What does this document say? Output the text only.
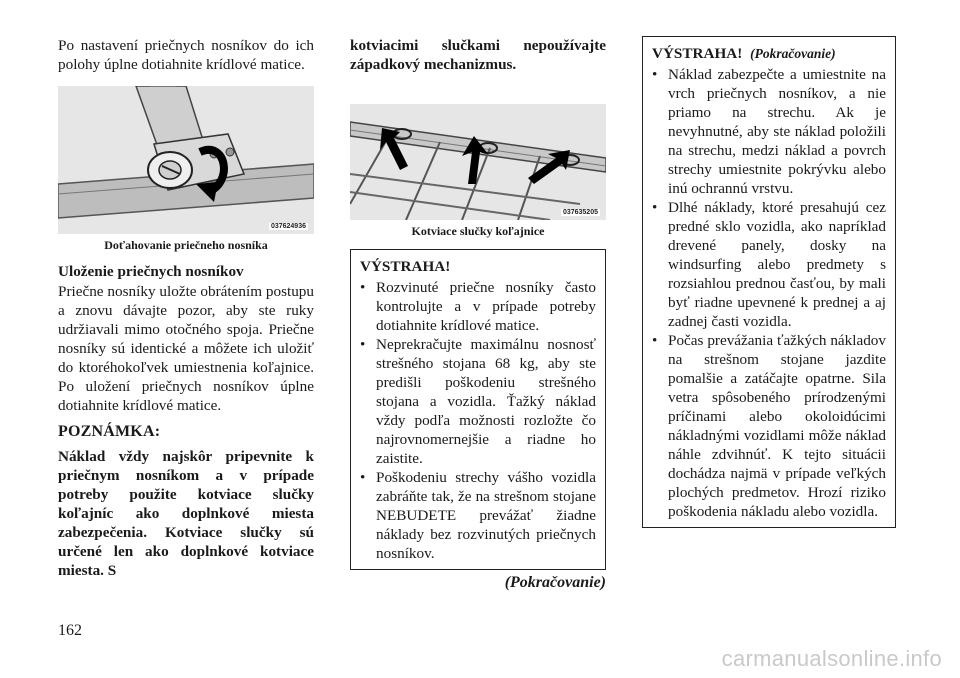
Po nastavení priečnych nosníkov do ich polohy úplne dotiahnite krídlové matice.

037624936
Doťahovanie priečneho nosníka
Uloženie priečnych nosníkov

Priečne nosníky uložte obrátením postupu a znovu dávajte pozor, aby ste ruky udržiavali mimo otočného spoja. Priečne nosníky sú identické a môžete ich uložiť do ktoréhokoľvek umiestnenia koľajnice. Po uložení priečnych nosníkov úplne dotiahnite krídlové matice.

POZNÁMKA:

Náklad vždy najskôr pripevnite k priečnym nosníkom a v prípade potreby použite kotviace slučky koľajníc ako doplnkové miesta zabezpečenia. Kotviace slučky sú určené len ako doplnkové kotviace miesta. S

kotviacimi slučkami nepoužívajte západkový mechanizmus.

037635205
Kotviace slučky koľajnice
VÝSTRAHA!
• Rozvinuté priečne nosníky často kontrolujte a v prípade potreby dotiahnite krídlové matice.
• Neprekračujte maximálnu nosnosť strešného stojana 68 kg, aby ste predišli poškodeniu strešného stojana a vozidla. Ťažký náklad vždy podľa možnosti rozložte čo najrovnomernejšie a riadne ho zaistite.
• Poškodeniu strechy vášho vozidla zabráňte tak, že na strešnom stojane NEBUDETE prevážať žiadne náklady bez rozvinutých priečnych nosníkov.
(Pokračovanie)
VÝSTRAHA! (Pokračovanie)
• Náklad zabezpečte a umiestnite na vrch priečnych nosníkov, a nie priamo na strechu. Ak je nevyhnutné, aby ste náklad položili na strechu, medzi náklad a povrch strechy umiestnite pokrývku alebo inú ochrannú vrstvu.
• Dlhé náklady, ktoré presahujú cez predné sklo vozidla, ako napríklad drevené panely, dosky na windsurfing alebo predmety s rozsiahlou prednou časťou, by mali byť riadne upevnené k prednej a aj zadnej časti vozidla.
• Počas prevážania ťažkých nákladov na strešnom stojane jazdite pomalšie a zatáčajte opatrne. Sila vetra spôsobeného prírodzenými príčinami alebo okoloidúcimi nákladnými vozidlami môže náklad náhle zdvihnúť. K tejto situácii dochádza najmä v prípade veľkých plochých predmetov. Hrozí riziko poškodenia nákladu alebo vozidla.
162
carmanualsonline.info
